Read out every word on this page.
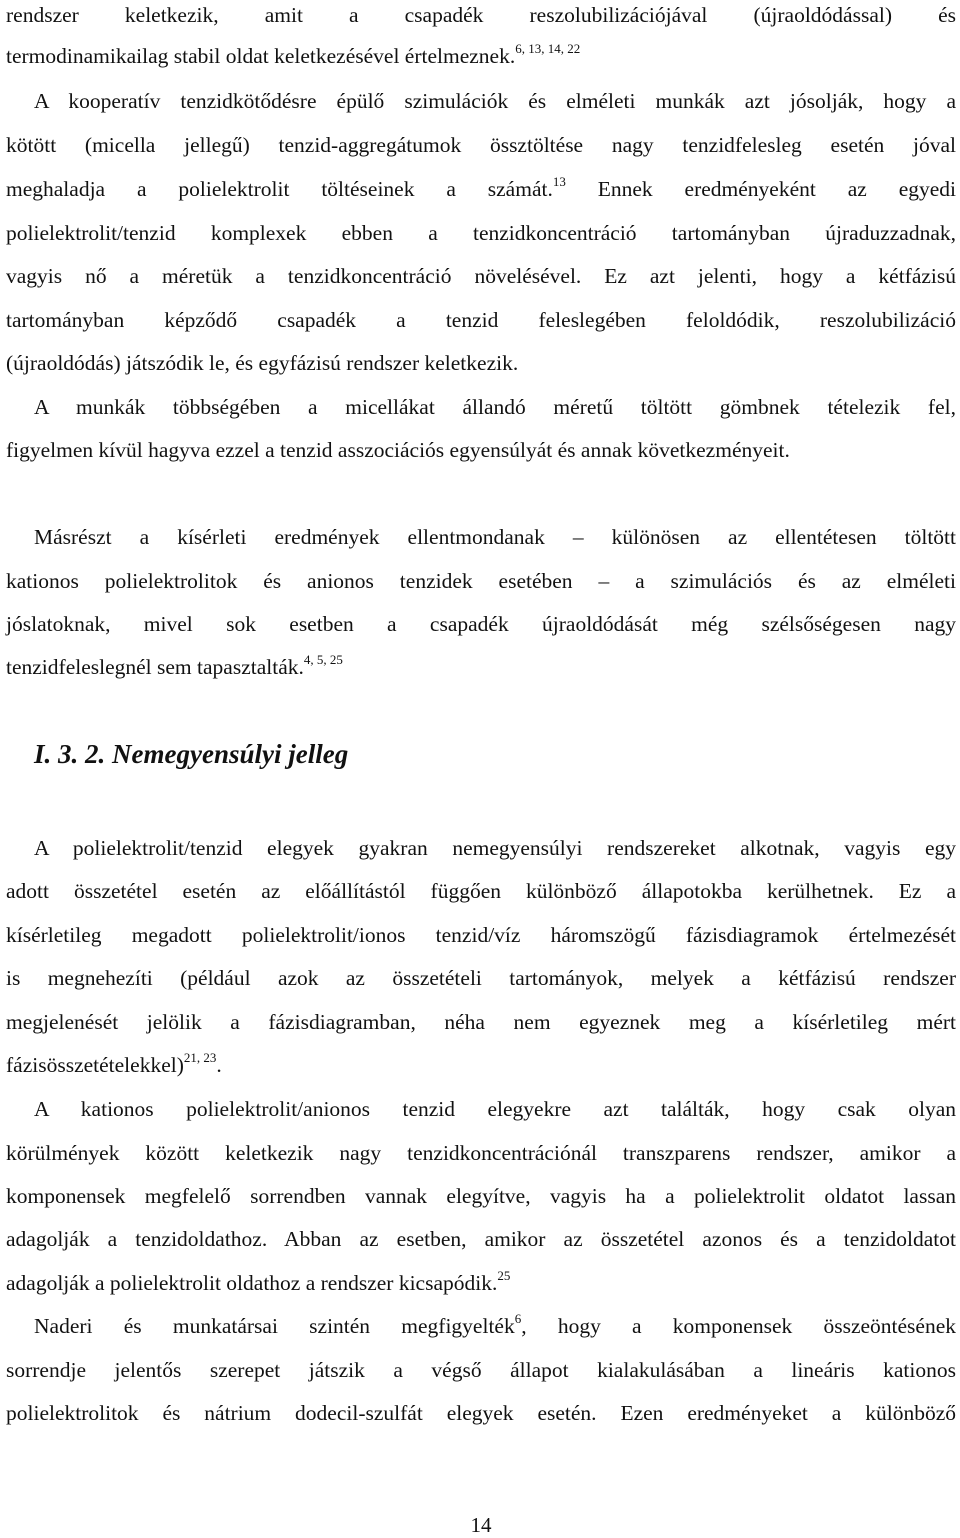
rendszer keletkezik, amit a csapadék reszolubilizációjával (újraoldódással) és
termodinamikailag stabil oldat keletkezésével értelmeznek.$^{6, 13, 14, 22}$
A kooperatív tenzidkötődésre épülő szimulációk és elméleti munkák azt jósolják, hogy a
kötött (micella jellegű) tenzid-aggregátumok össztöltése nagy tenzidfelesleg esetén jóval
meghaladja a polielektrolit töltéseinek a számát.$^{13}$ Ennek eredményeként az egyedi
polielektrolit/tenzid komplexek ebben a tenzidkoncentráció tartományban újraduzzadnak,
vagyis nő a méretük a tenzidkoncentráció növelésével. Ez azt jelenti, hogy a kétfázisú
tartományban képződő csapadék a tenzid feleslegében feloldódik, reszolubilizáció
(újraoldódás) játszódik le, és egyfázisú rendszer keletkezik.
A munkák többségében a micellákat állandó méretű töltött gömbnek tételezik fel,
figyelmen kívül hagyva ezzel a tenzid asszociációs egyensúlyát és annak következményeit.
Másrészt a kísérleti eredmények ellentmondanak – különösen az ellentétesen töltött
kationos polielektrolitok és anionos tenzidek esetében – a szimulációs és az elméleti
jóslatoknak, mivel sok esetben a csapadék újraoldódását még szélsőségesen nagy
tenzidfeleslegnél sem tapasztalták.$^{4, 5, 25}$
A polielektrolit/tenzid elegyek gyakran nemegyensúlyi rendszereket alkotnak, vagyis egy
adott összetétel esetén az előállítástól függően különböző állapotokba kerülhetnek. Ez a
kísérletileg megadott polielektrolit/ionos tenzid/víz háromszögű fázisdiagramok értelmezését
is megnehezíti (például azok az összetételi tartományok, melyek a kétfázisú rendszer
megjelenését jelölik a fázisdiagramban, néha nem egyeznek meg a kísérletileg mért
fázisösszetételekkel)$^{21, 23}$.
A kationos polielektrolit/anionos tenzid elegyekre azt találták, hogy csak olyan
körülmények között keletkezik nagy tenzidkoncentrációnál transzparens rendszer, amikor a
komponensek megfelelő sorrendben vannak elegyítve, vagyis ha a polielektrolit oldatot lassan
adagolják a tenzidoldathoz. Abban az esetben, amikor az összetétel azonos és a tenzidoldatot
adagolják a polielektrolit oldathoz a rendszer kicsapódik.$^{25}$
Naderi és munkatársai szintén megfigyelték$^6$, hogy a komponensek összeöntésének
sorrendje jelentős szerepet játszik a végső állapot kialakulásában a lineáris kationos
polielektrolitok és nátrium dodecil-szulfát elegyek esetén. Ezen eredményeket a különböző
I. 3. 2. Nemegyensúlyi jelleg
14
